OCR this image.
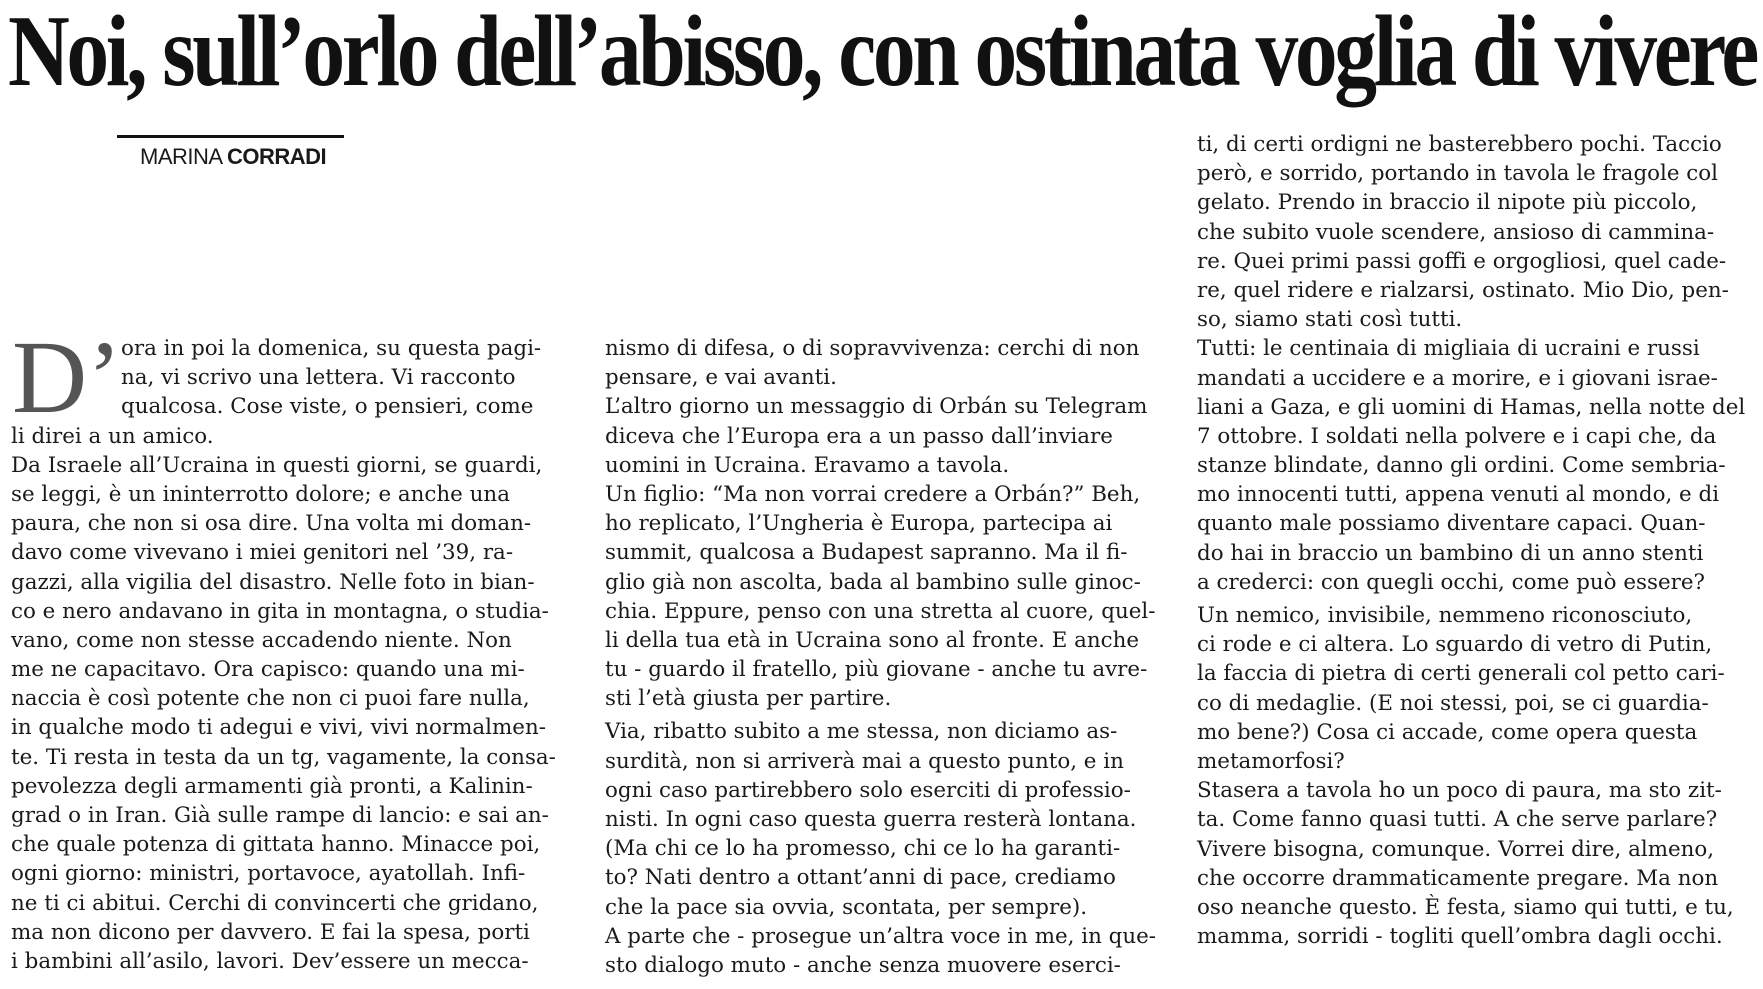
Noi, sull’orlo dell’abisso, con ostinata voglia di vivere
MARINA CORRADI
D’ ora in poi la domenica, su questa pagi-
na, vi scrivo una lettera. Vi racconto
qualcosa. Cose viste, o pensieri, come
li direi a un amico.

Da Israele all’Ucraina in questi giorni, se guardi,
se leggi, è un ininterrotto dolore; e anche una
paura, che non si osa dire. Una volta mi doman-
davo come vivevano i miei genitori nel ’39, ra-
gazzi, alla vigilia del disastro. Nelle foto in bian-
co e nero andavano in gita in montagna, o studia-
vano, come non stesse accadendo niente. Non
me ne capacitavo. Ora capisco: quando una mi-
naccia è così potente che non ci puoi fare nulla,
in qualche modo ti adegui e vivi, vivi normalmen-
te. Ti resta in testa da un tg, vagamente, la consa-
pevolezza degli armamenti già pronti, a Kalinin-
grad o in Iran. Già sulle rampe di lancio: e sai an-
che quale potenza di gittata hanno. Minacce poi,
ogni giorno: ministri, portavoce, ayatollah. Infi-
ne ti ci abitui. Cerchi di convincerti che gridano,
ma non dicono per davvero. E fai la spesa, porti
i bambini all’asilo, lavori. Dev’essere un mecca-

nismo di difesa, o di sopravvivenza: cerchi di non
pensare, e vai avanti.

L’altro giorno un messaggio di Orbán su Telegram
diceva che l’Europa era a un passo dall’inviare
uomini in Ucraina. Eravamo a tavola.

Un figlio: “Ma non vorrai credere a Orbán?” Beh,
ho replicato, l’Ungheria è Europa, partecipa ai
summit, qualcosa a Budapest sapranno. Ma il fi-
glio già non ascolta, bada al bambino sulle ginoc-
chia. Eppure, penso con una stretta al cuore, quel-
li della tua età in Ucraina sono al fronte. E anche
tu - guardo il fratello, più giovane - anche tu avre-
sti l’età giusta per partire.

Via, ribatto subito a me stessa, non diciamo as-
surdità, non si arriverà mai a questo punto, e in
ogni caso partirebbero solo eserciti di professio-
nisti. In ogni caso questa guerra resterà lontana.
(Ma chi ce lo ha promesso, chi ce lo ha garanti-
to? Nati dentro a ottant’anni di pace, crediamo
che la pace sia ovvia, scontata, per sempre).

A parte che - prosegue un’altra voce in me, in que-
sto dialogo muto - anche senza muovere eserci-

ti, di certi ordigni ne basterebbero pochi. Taccio
però, e sorrido, portando in tavola le fragole col
gelato. Prendo in braccio il nipote più piccolo,
che subito vuole scendere, ansioso di cammina-
re. Quei primi passi goffi e orgogliosi, quel cade-
re, quel ridere e rialzarsi, ostinato. Mio Dio, pen-
so, siamo stati così tutti.

Tutti: le centinaia di migliaia di ucraini e russi
mandati a uccidere e a morire, e i giovani israe-
liani a Gaza, e gli uomini di Hamas, nella notte del
7 ottobre. I soldati nella polvere e i capi che, da
stanze blindate, danno gli ordini. Come sembria-
mo innocenti tutti, appena venuti al mondo, e di
quanto male possiamo diventare capaci. Quan-
do hai in braccio un bambino di un anno stenti
a crederci: con quegli occhi, come può essere?

Un nemico, invisibile, nemmeno riconosciuto,
ci rode e ci altera. Lo sguardo di vetro di Putin,
la faccia di pietra di certi generali col petto cari-
co di medaglie. (E noi stessi, poi, se ci guardia-
mo bene?) Cosa ci accade, come opera questa
metamorfosi?

Stasera a tavola ho un poco di paura, ma sto zit-
ta. Come fanno quasi tutti. A che serve parlare?
Vivere bisogna, comunque. Vorrei dire, almeno,
che occorre drammaticamente pregare. Ma non
oso neanche questo. È festa, siamo qui tutti, e tu,
mamma, sorridi - togliti quell’ombra dagli occhi.
